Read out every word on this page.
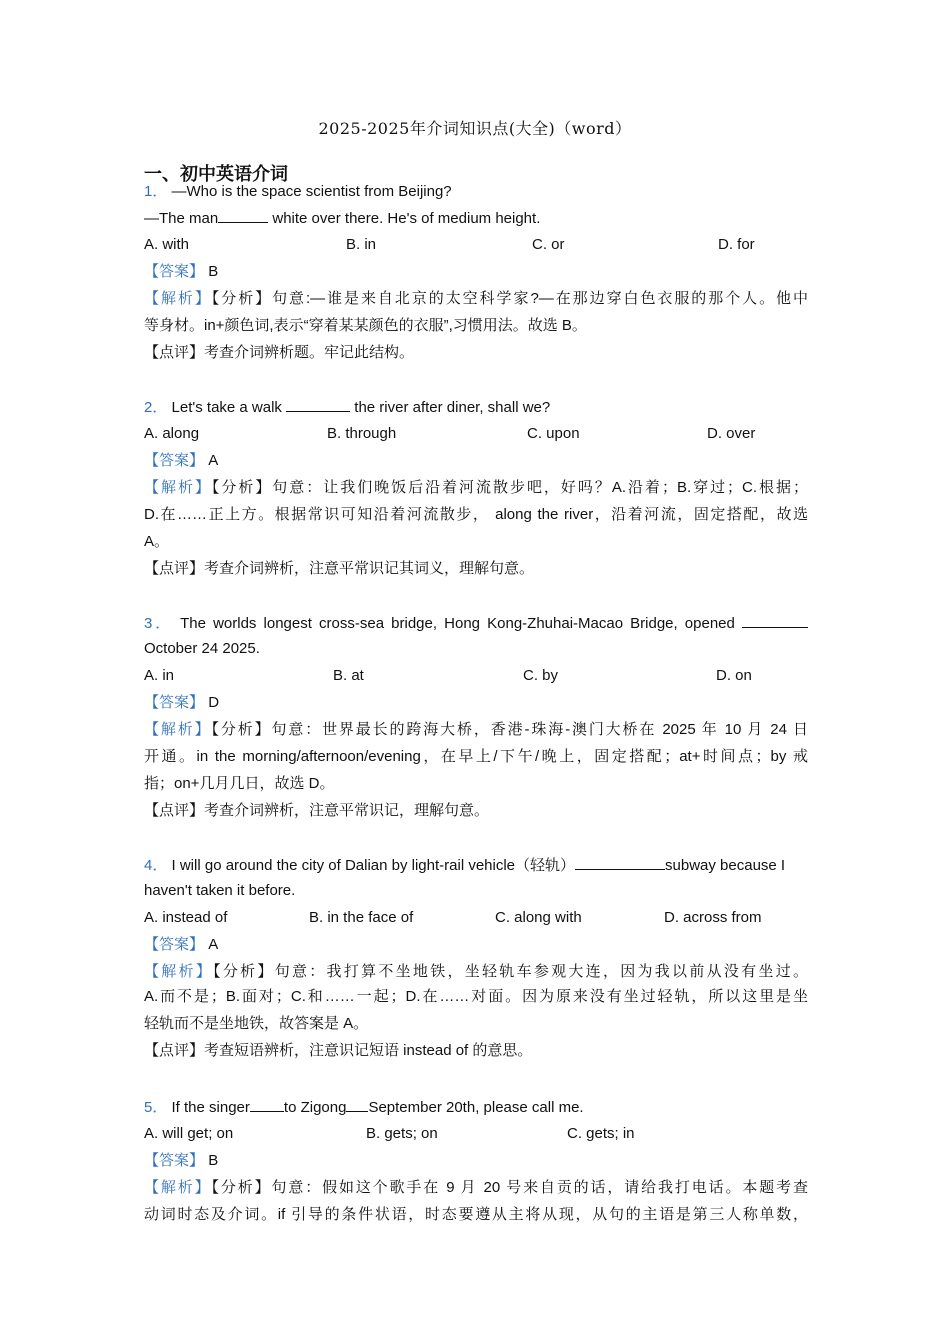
2025-2025年介词知识点(大全)（word）
一、初中英语介词
1． —Who is the space scientist from Beijing?
—The man	white over there. He's of medium height.
A. with	B. in	C. or	D. for
【答案】 B
【解析】【分析】句意:—谁是来自北京的太空科学家?—在那边穿白色衣服的那个人。他中
等身材。in+颜色词,表示“穿着某某颜色的衣服”,习惯用法。故选 B。
【点评】考查介词辨析题。牢记此结构。
2． Let's take a walk	the river after diner, shall we?
A. along	B. through	C. upon	D. over
【答案】 A
【解析】【分析】句意：让我们晚饭后沿着河流散步吧，好吗？A.沿着；B.穿过；C.根据；
D.在……正上方。根据常识可知沿着河流散步， along the river，沿着河流，固定搭配，故选
A。
【点评】考查介词辨析，注意平常识记其词义，理解句意。
3． The worlds longest cross-sea bridge, Hong Kong-Zhuhai-Macao Bridge, opened
October 24 2025.
A. in	B. at	C. by	D. on
【答案】 D
【解析】【分析】句意：世界最长的跨海大桥，香港-珠海-澳门大桥在 2025 年 10 月 24 日
开通。in the morning/afternoon/evening，在早上/下午/晚上，固定搭配；at+时间点；by 戒
指；on+几月几日，故选 D。
【点评】考查介词辨析，注意平常识记，理解句意。
4． I will go around the city of Dalian by light-rail vehicle（轻轨）	subway because I
haven't taken it before.
A. instead of	B. in the face of	C. along with	D. across from
【答案】 A
【解析】【分析】句意：我打算不坐地铁，坐轻轨车参观大连，因为我以前从没有坐过。
A.而不是；B.面对；C.和……一起；D.在……对面。因为原来没有坐过轻轨，所以这里是坐
轻轨而不是坐地铁，故答案是 A。
【点评】考查短语辨析，注意识记短语 instead of 的意思。
5． If the singer to Zigong September 20th, please call me.
A. will get; on	B. gets; on	C. gets; in
【答案】 B
【解析】【分析】句意：假如这个歌手在 9 月 20 号来自贡的话，请给我打电话。本题考查
动词时态及介词。if 引导的条件状语，时态要遵从主将从现，从句的主语是第三人称单数，
